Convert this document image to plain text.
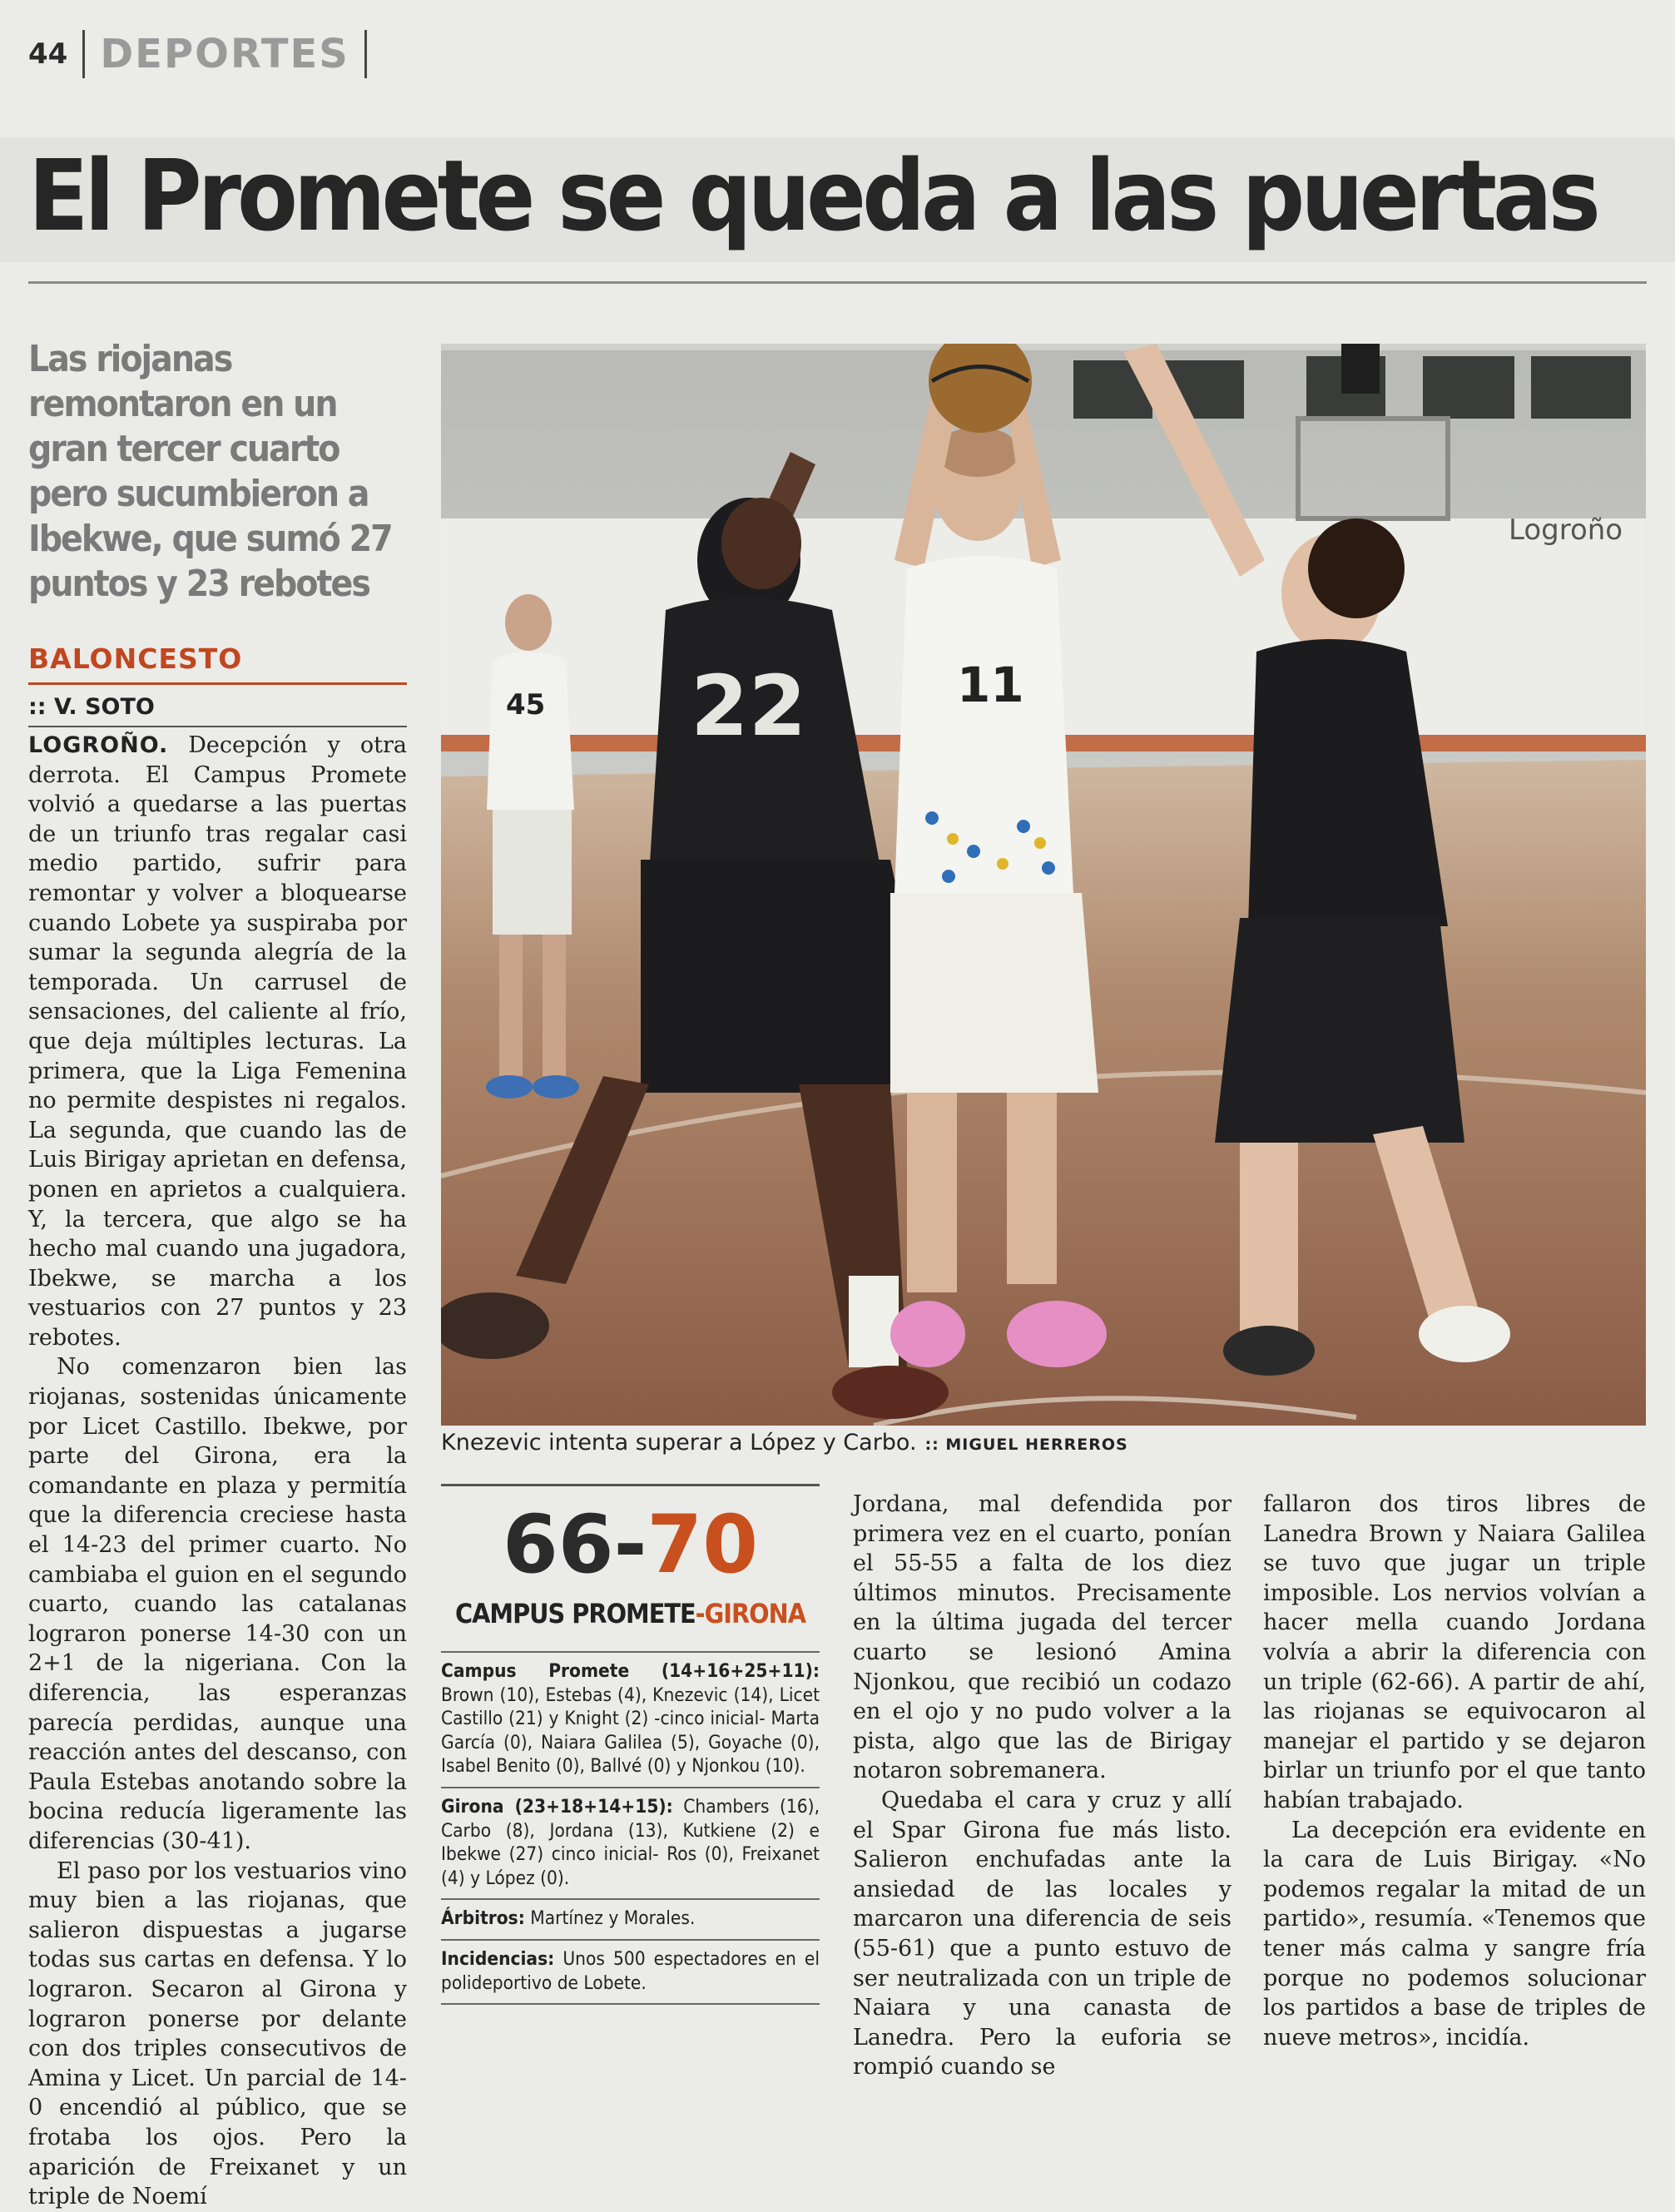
44 DEPORTES
El Promete se queda a las puertas
Las riojanas remontaron en un gran tercer cuarto pero sucumbieron a Ibekwe, que sumó 27 puntos y 23 rebotes
BALONCESTO
:: V. SOTO

LOGROÑO. Decepción y otra derrota. El Campus Promete volvió a quedarse a las puertas de un triunfo tras regalar casi medio partido, sufrir para remontar y volver a bloquearse cuando Lobete ya suspiraba por sumar la segunda alegría de la temporada. Un carrusel de sensaciones, del caliente al frío, que deja múltiples lecturas. La primera, que la Liga Femenina no permite despistes ni regalos. La segunda, que cuando las de Luis Birigay aprietan en defensa, ponen en aprietos a cualquiera. Y, la tercera, que algo se ha hecho mal cuando una jugadora, Ibekwe, se marcha a los vestuarios con 27 puntos y 23 rebotes.

No comenzaron bien las riojanas, sostenidas únicamente por Licet Castillo. Ibekwe, por parte del Girona, era la comandante en plaza y permitía que la diferencia creciese hasta el 14-23 del primer cuarto. No cambiaba el guion en el segundo cuarto, cuando las catalanas lograron ponerse 14-30 con un 2+1 de la nigeriana. Con la diferencia, las esperanzas parecía perdidas, aunque una reacción antes del descanso, con Paula Estebas anotando sobre la bocina reducía ligeramente las diferencias (30-41).

El paso por los vestuarios vino muy bien a las riojanas, que salieron dispuestas a jugarse todas sus cartas en defensa. Y lo lograron. Secaron al Girona y lograron ponerse por delante con dos triples consecutivos de Amina y Licet. Un parcial de 14-0 encendió al público, que se frotaba los ojos. Pero la aparición de Freixanet y un triple de Noemí

Logroño
45 22	11
Knezevic intenta superar a López y Carbo. :: MIGUEL HERREROS
66-70
CAMPUS PROMETE-GIRONA
Campus Promete (14+16+25+11): Brown (10), Estebas (4), Knezevic (14), Licet Castillo (21) y Knight (2) -cinco inicial- Marta García (0), Naiara Galilea (5), Goyache (0), Isabel Benito (0), Ballvé (0) y Njonkou (10).
Girona (23+18+14+15): Chambers (16), Carbo (8), Jordana (13), Kutkiene (2) e Ibekwe (27) cinco inicial- Ros (0), Freixanet (4) y López (0).
Árbitros: Martínez y Morales.
Incidencias: Unos 500 espectadores en el polideportivo de Lobete.

Jordana, mal defendida por primera vez en el cuarto, ponían el 55-55 a falta de los diez últimos minutos. Precisamente en la última jugada del tercer cuarto se lesionó Amina Njonkou, que recibió un codazo en el ojo y no pudo volver a la pista, algo que las de Birigay notaron sobremanera.

Quedaba el cara y cruz y allí el Spar Girona fue más listo. Salieron enchufadas ante la ansiedad de las locales y marcaron una diferencia de seis (55-61) que a punto estuvo de ser neutralizada con un triple de Naiara y una canasta de Lanedra. Pero la euforia se rompió cuando se

fallaron dos tiros libres de Lanedra Brown y Naiara Galilea se tuvo que jugar un triple imposible. Los nervios volvían a hacer mella cuando Jordana volvía a abrir la diferencia con un triple (62-66). A partir de ahí, las riojanas se equivocaron al manejar el partido y se dejaron birlar un triunfo por el que tanto habían trabajado.

La decepción era evidente en la cara de Luis Birigay. «No podemos regalar la mitad de un partido», resumía. «Tenemos que tener más calma y sangre fría porque no podemos solucionar los partidos a base de triples de nueve metros», incidía.
